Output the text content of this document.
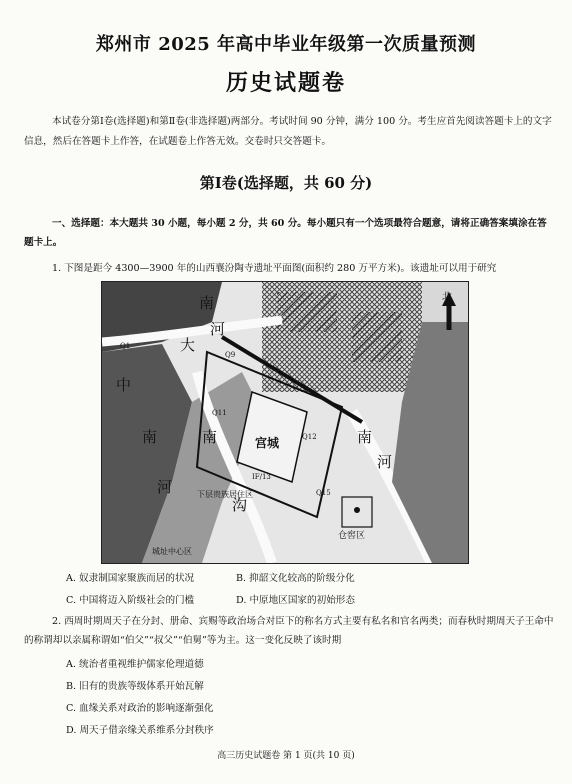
郑州市 2025 年高中毕业年级第一次质量预测
历史试题卷
本试卷分第Ⅰ卷(选择题)和第Ⅱ卷(非选择题)两部分。考试时间 90 分钟，满分 100 分。考生应首先阅读答题卡上的文字信息，然后在答题卡上作答，在试题卷上作答无效。交卷时只交答题卡。
第Ⅰ卷(选择题，共 60 分)
一、选择题：本大题共 30 小题，每小题 2 分，共 60 分。每小题只有一个选项最符合题意，请将正确答案填涂在答题卡上。
1. 下图是距今 4300—3900 年的山西襄汾陶寺遗址平面图(面积约 280 万平方米)。该遗址可以用于研究
南
河
大
中
南
河
南	南
河
沟
宫城
北
仓窖区
下层贵族居住区
城址中心区
Q1
Q11
Q12
IF/13
Q15
Q9
A. 奴隶制国家聚族而居的状况	B. 抑韶文化较高的阶级分化
C. 中国将迈入阶级社会的门槛	D. 中原地区国家的初始形态
2. 西周时期周天子在分封、册命、宾赐等政治场合对臣下的称名方式主要有私名和官名两类；而春秋时期周天子王命中的称谓却以亲属称谓如“伯父”“叔父”“伯舅”等为主。这一变化反映了该时期
A. 统治者重视维护儒家伦理道德
B. 旧有的贵族等级体系开始瓦解
C. 血缘关系对政治的影响逐渐强化
D. 周天子借亲缘关系维系分封秩序
高三历史试题卷 第 1 页(共 10 页)
